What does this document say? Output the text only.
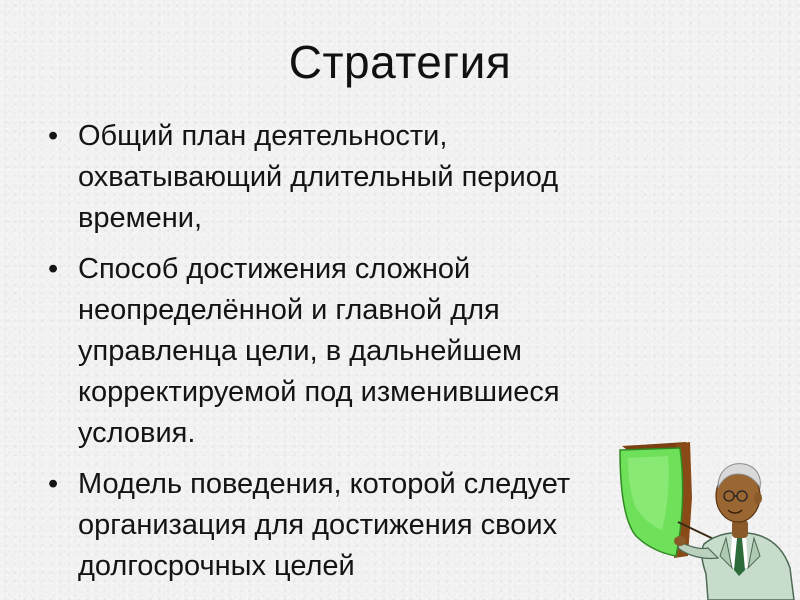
Стратегия
• Общий план деятельности,
охватывающий длительный период
времени,
• Способ достижения сложной
неопределённой и главной для
управленца цели, в дальнейшем
корректируемой под изменившиеся
условия.
• Модель поведения, которой следует
организация для достижения своих
долгосрочных целей
